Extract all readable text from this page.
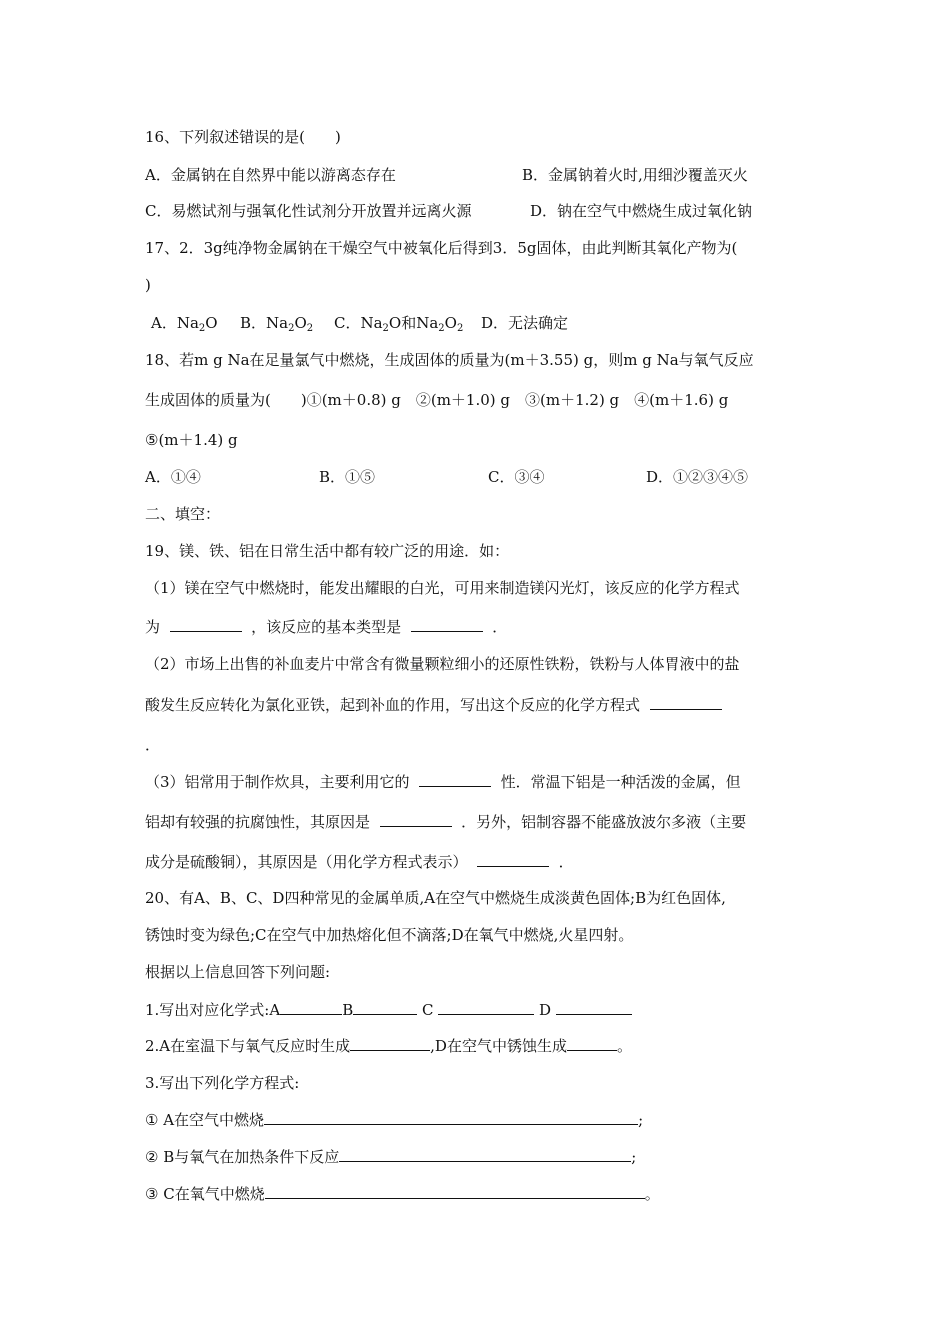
16、下列叙述错误的是(　　)
A．金属钠在自然界中能以游离态存在	B．金属钠着火时,用细沙覆盖灭火
C．易燃试剂与强氧化性试剂分开放置并远离火源	D．钠在空气中燃烧生成过氧化钠
17、2．3g纯净物金属钠在干燥空气中被氧化后得到3．5g固体，由此判断其氧化产物为(
)
A．$Na_2O$ B．$Na_2O_2$ C．$Na_2O$和$Na_2O_2$ D．无法确定
18、若m g Na在足量氯气中燃烧，生成固体的质量为(m＋3.55) g，则m g Na与氧气反应
生成固体的质量为(　　)①(m＋0.8) g　②(m＋1.0) g　③(m＋1.2) g　④(m＋1.6) g
⑤(m＋1.4) g
A．①④	B．①⑤	C．③④	D．①②③④⑤
二、填空：
19、镁、铁、铝在日常生活中都有较广泛的用途．如：
（1）镁在空气中燃烧时，能发出耀眼的白光，可用来制造镁闪光灯，该反应的化学方程式
为	，该反应的基本类型是	．
（2）市场上出售的补血麦片中常含有微量颗粒细小的还原性铁粉，铁粉与人体胃液中的盐
酸发生反应转化为氯化亚铁，起到补血的作用，写出这个反应的化学方程式
．
（3）铝常用于制作炊具，主要利用它的	性．常温下铝是一种活泼的金属，但
铝却有较强的抗腐蚀性，其原因是	．另外，铝制容器不能盛放波尔多液（主要
成分是硫酸铜），其原因是（用化学方程式表示）	．
20、有A、B、C、D四种常见的金属单质,A在空气中燃烧生成淡黄色固体;B为红色固体,
锈蚀时变为绿色;C在空气中加热熔化但不滴落;D在氧气中燃烧,火星四射。
根据以上信息回答下列问题:
1.写出对应化学式:A	B	C	D
2.A在室温下与氧气反应时生成	,D在空气中锈蚀生成	。
3.写出下列化学方程式:
① A在空气中燃烧	;
② B与氧气在加热条件下反应	;
③ C在氧气中燃烧	。
